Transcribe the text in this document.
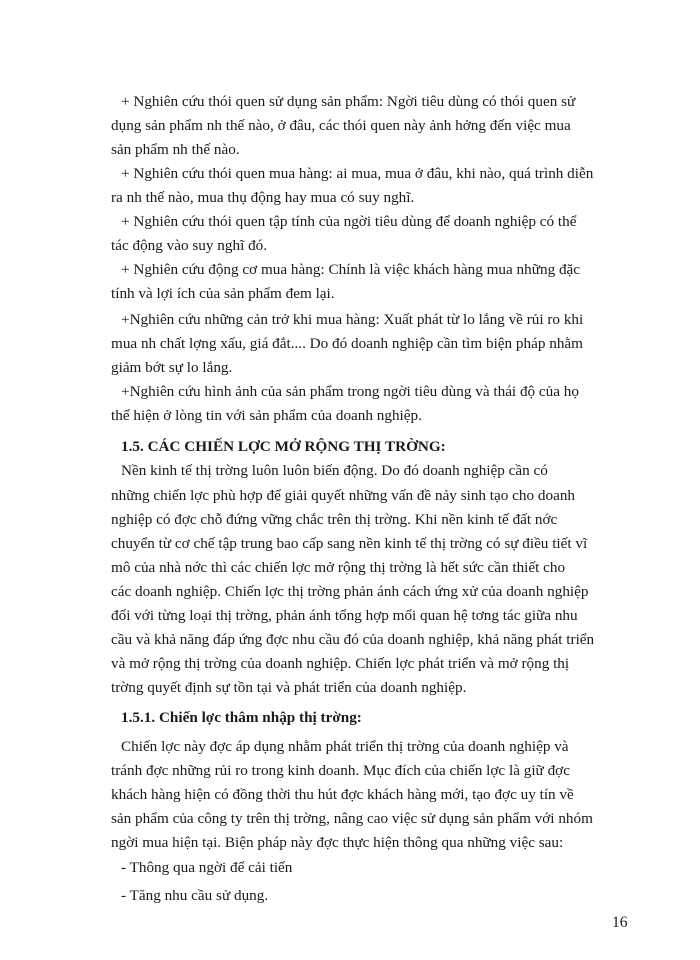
+ Nghiên cứu thói quen sử dụng sản phẩm: Ngời tiêu dùng có thói quen sử
dụng sản phẩm nh thế nào, ở đâu, các thói quen này ảnh hởng đến việc mua
sản phẩm nh thế nào.
+ Nghiên cứu thói quen mua hàng: ai mua, mua ở đâu, khi nào, quá trình diễn
ra nh thế nào, mua thụ động hay mua có suy nghĩ.
+ Nghiên cứu thói quen tập tính của ngời tiêu dùng để doanh nghiệp có thể
tác động vào suy nghĩ đó.
+ Nghiên cứu động cơ mua hàng: Chính là việc khách hàng mua những đặc
tính và lợi ích của sản phẩm đem lại.
+Nghiên cứu những cản trở khi mua hàng: Xuất phát từ lo lắng về rủi ro khi
mua nh chất lợng xấu, giá đắt.... Do đó doanh nghiệp cần tìm biện pháp nhằm
giảm bớt sự lo lắng.
+Nghiên cứu hình ảnh của sản phẩm trong ngời tiêu dùng và thái độ của họ
thể hiện ở lòng tin với sản phẩm của doanh nghiệp.
1.5. CÁC CHIẾN LỢC MỞ RỘNG THỊ TRỜNG:
Nền kinh tế thị trờng luôn luôn biến động. Do đó doanh nghiệp cần có
những chiến lợc phù hợp để giải quyết những vấn đề nảy sinh tạo cho doanh
nghiệp có đợc chỗ đứng vững chắc trên thị trờng. Khi nền kinh tế đất nớc
chuyển từ cơ chế tập trung bao cấp sang nền kinh tế thị trờng có sự điều tiết vĩ
mô của nhà nớc thì các chiến lợc mở rộng thị trờng là hết sức cần thiết cho
các doanh nghiệp. Chiến lợc thị trờng phản ánh cách ứng xử của doanh nghiệp
đối với từng loại thị trờng, phản ánh tổng hợp mối quan hệ tơng tác giữa nhu
cầu và khả năng đáp ứng đợc nhu cầu đó của doanh nghiệp, khả năng phát triển
và mở rộng thị trờng của doanh nghiệp. Chiến lợc phát triển và mở rộng thị
trờng quyết định sự tồn tại và phát triển của doanh nghiệp.
1.5.1. Chiến lợc thâm nhập thị trờng:
Chiến lợc này đợc áp dụng nhằm phát triển thị trờng của doanh nghiệp và
tránh đợc những rủi ro trong kinh doanh. Mục đích của chiến lợc là giữ đợc
khách hàng hiện có đồng thời thu hút đợc khách hàng mới, tạo đợc uy tín về
sản phẩm của công ty trên thị trờng, nâng cao việc sử dụng sản phẩm với nhóm
ngời mua hiện tại. Biện pháp này đợc thực hiện thông qua những việc sau:
- Thông qua ngời để cải tiến
- Tăng nhu cầu sử dụng.
16
